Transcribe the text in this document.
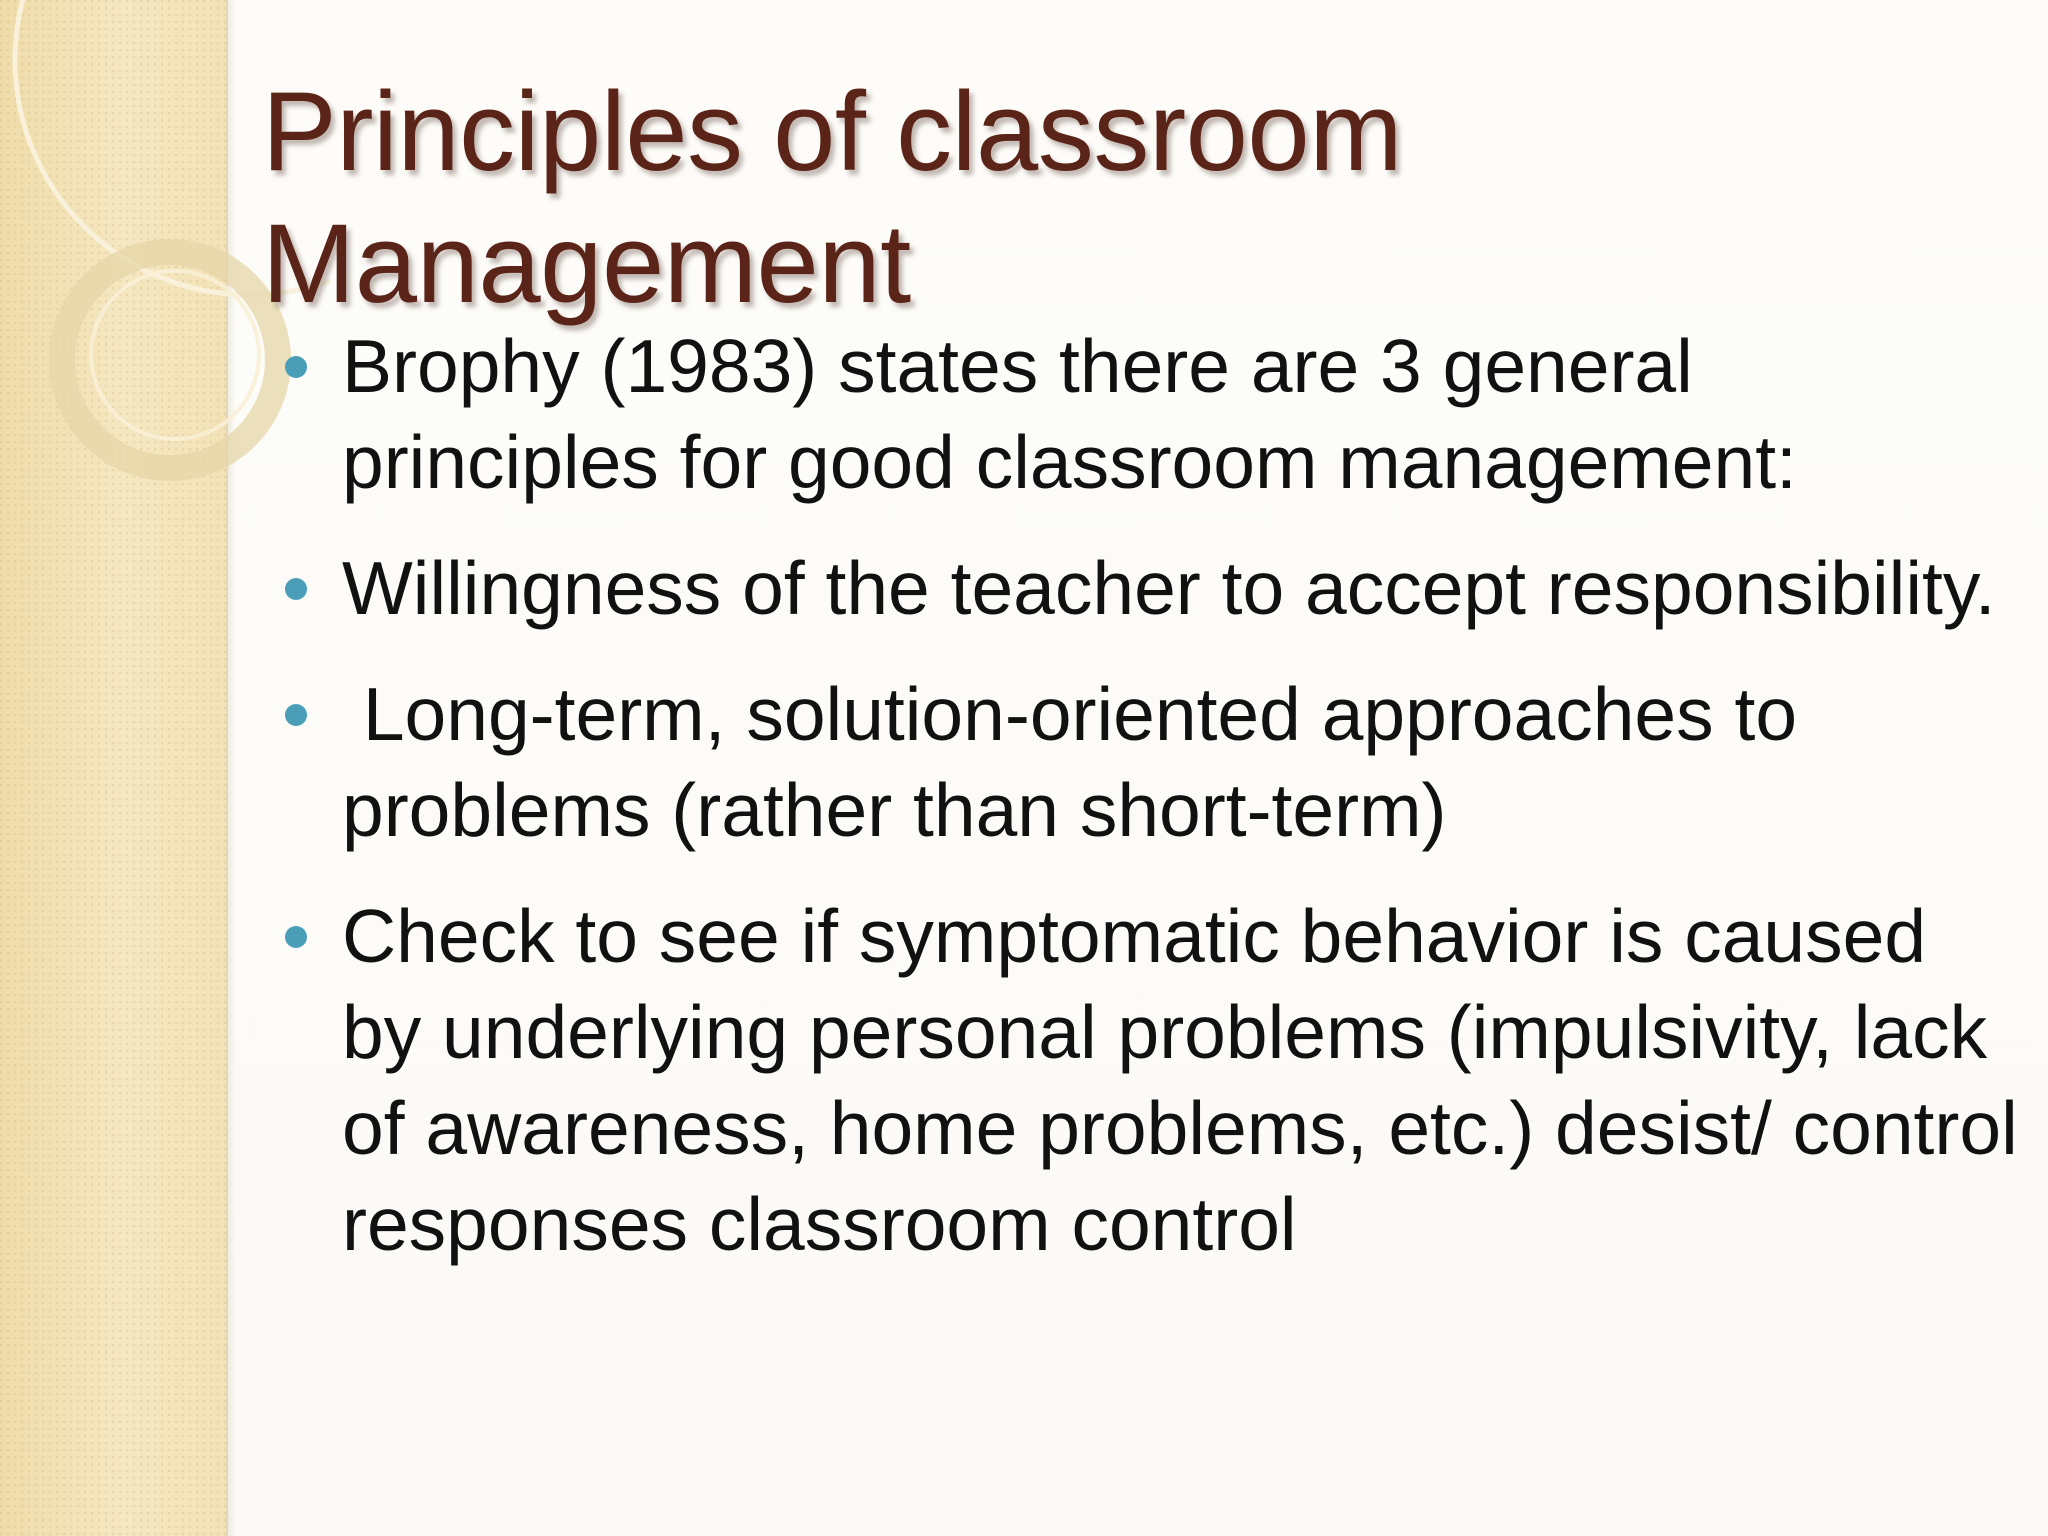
Principles of classroom Management
Brophy (1983) states there are 3 general principles for good classroom management:
Willingness of the teacher to accept responsibility.
Long-term, solution-oriented approaches to problems (rather than short-term)
Check to see if symptomatic behavior is caused by underlying personal problems (impulsivity, lack of awareness, home problems, etc.) desist/ control responses classroom control
